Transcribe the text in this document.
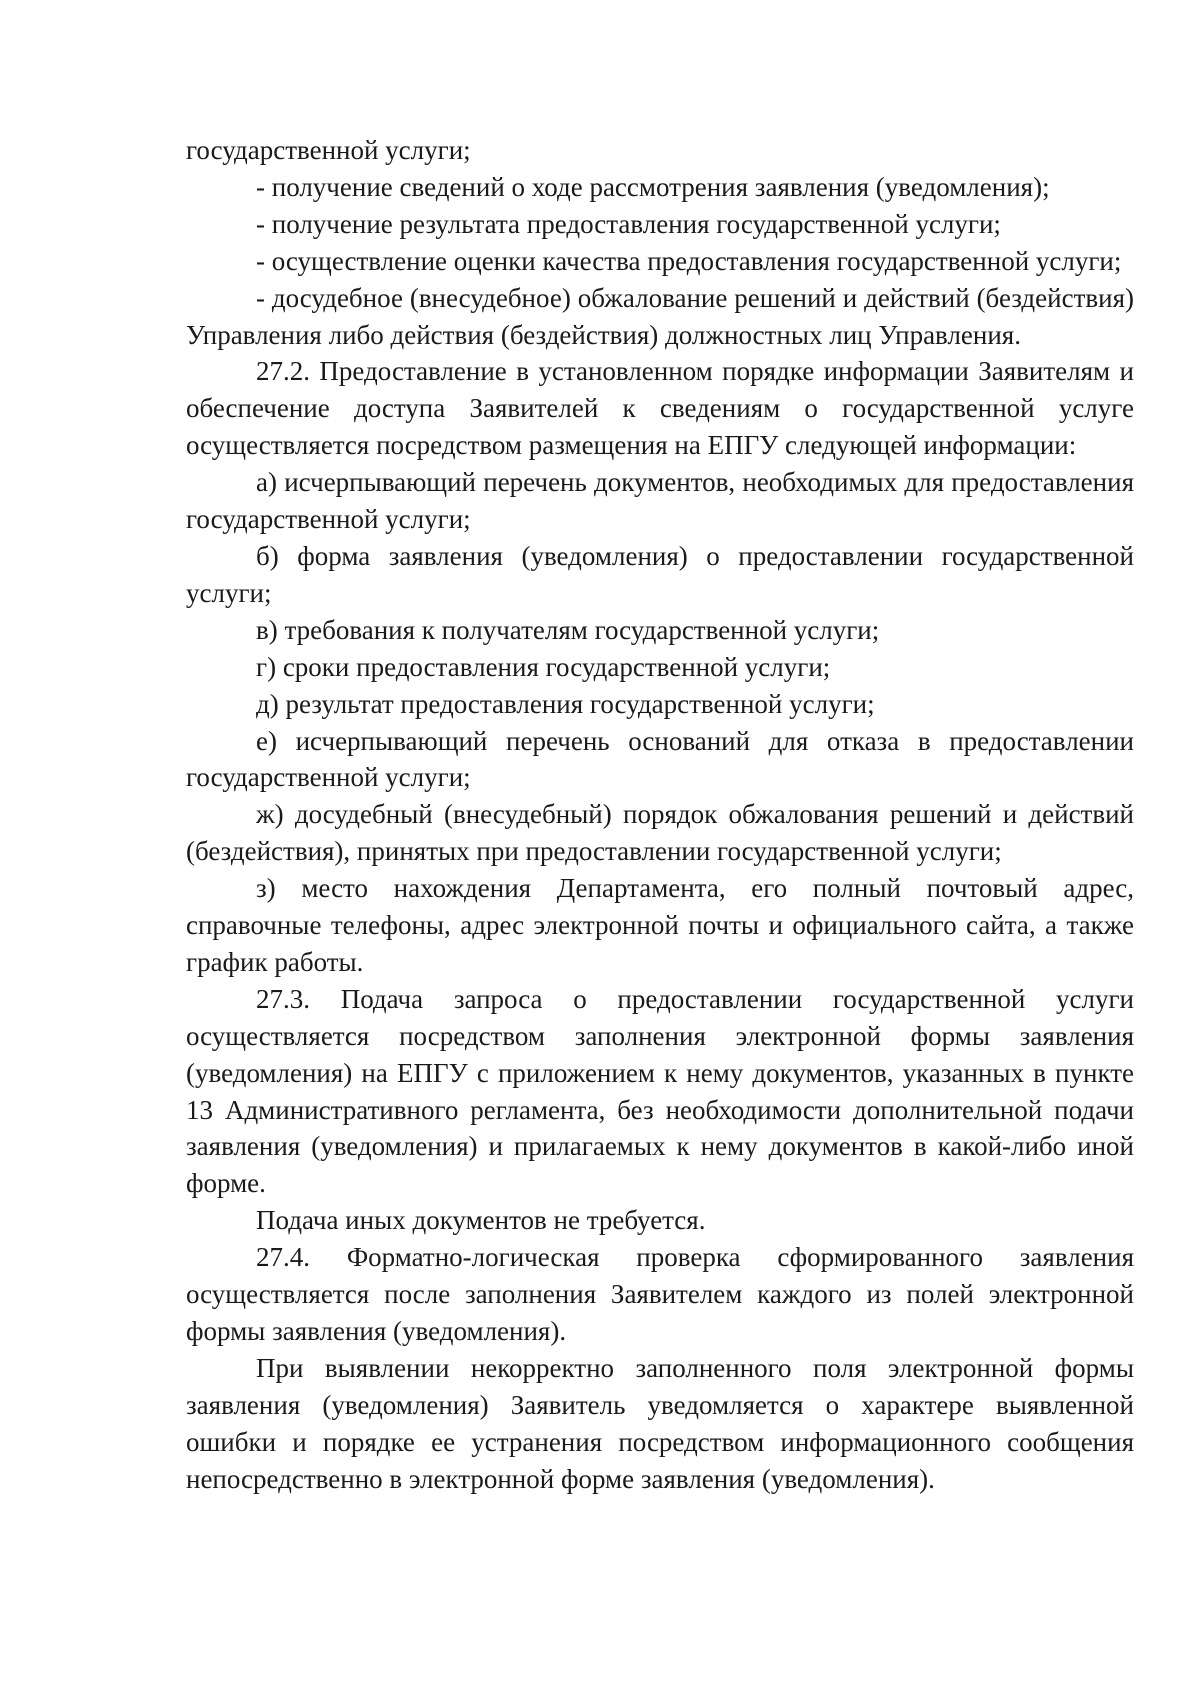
государственной услуги;

- получение сведений о ходе рассмотрения заявления (уведомления);

- получение результата предоставления государственной услуги;

- осуществление оценки качества предоставления государственной услуги;

- досудебное (внесудебное) обжалование решений и действий (бездействия) Управления либо действия (бездействия) должностных лиц Управления.

27.2. Предоставление в установленном порядке информации Заявителям и обеспечение доступа Заявителей к сведениям о государственной услуге осуществляется посредством размещения на ЕПГУ следующей информации:

а) исчерпывающий перечень документов, необходимых для предоставления государственной услуги;

б) форма заявления (уведомления) о предоставлении государственной услуги;

в) требования к получателям государственной услуги;

г) сроки предоставления государственной услуги;

д) результат предоставления государственной услуги;

е) исчерпывающий перечень оснований для отказа в предоставлении государственной услуги;

ж) досудебный (внесудебный) порядок обжалования решений и действий (бездействия), принятых при предоставлении государственной услуги;

з) место нахождения Департамента, его полный почтовый адрес, справочные телефоны, адрес электронной почты и официального сайта, а также график работы.

27.3. Подача запроса о предоставлении государственной услуги осуществляется посредством заполнения электронной формы заявления (уведомления) на ЕПГУ с приложением к нему документов, указанных в пункте 13 Административного регламента, без необходимости дополнительной подачи заявления (уведомления) и прилагаемых к нему документов в какой-либо иной форме.

Подача иных документов не требуется.

27.4. Форматно-логическая проверка сформированного заявления осуществляется после заполнения Заявителем каждого из полей электронной формы заявления (уведомления).

При выявлении некорректно заполненного поля электронной формы заявления (уведомления) Заявитель уведомляется о характере выявленной ошибки и порядке ее устранения посредством информационного сообщения непосредственно в электронной форме заявления (уведомления).
